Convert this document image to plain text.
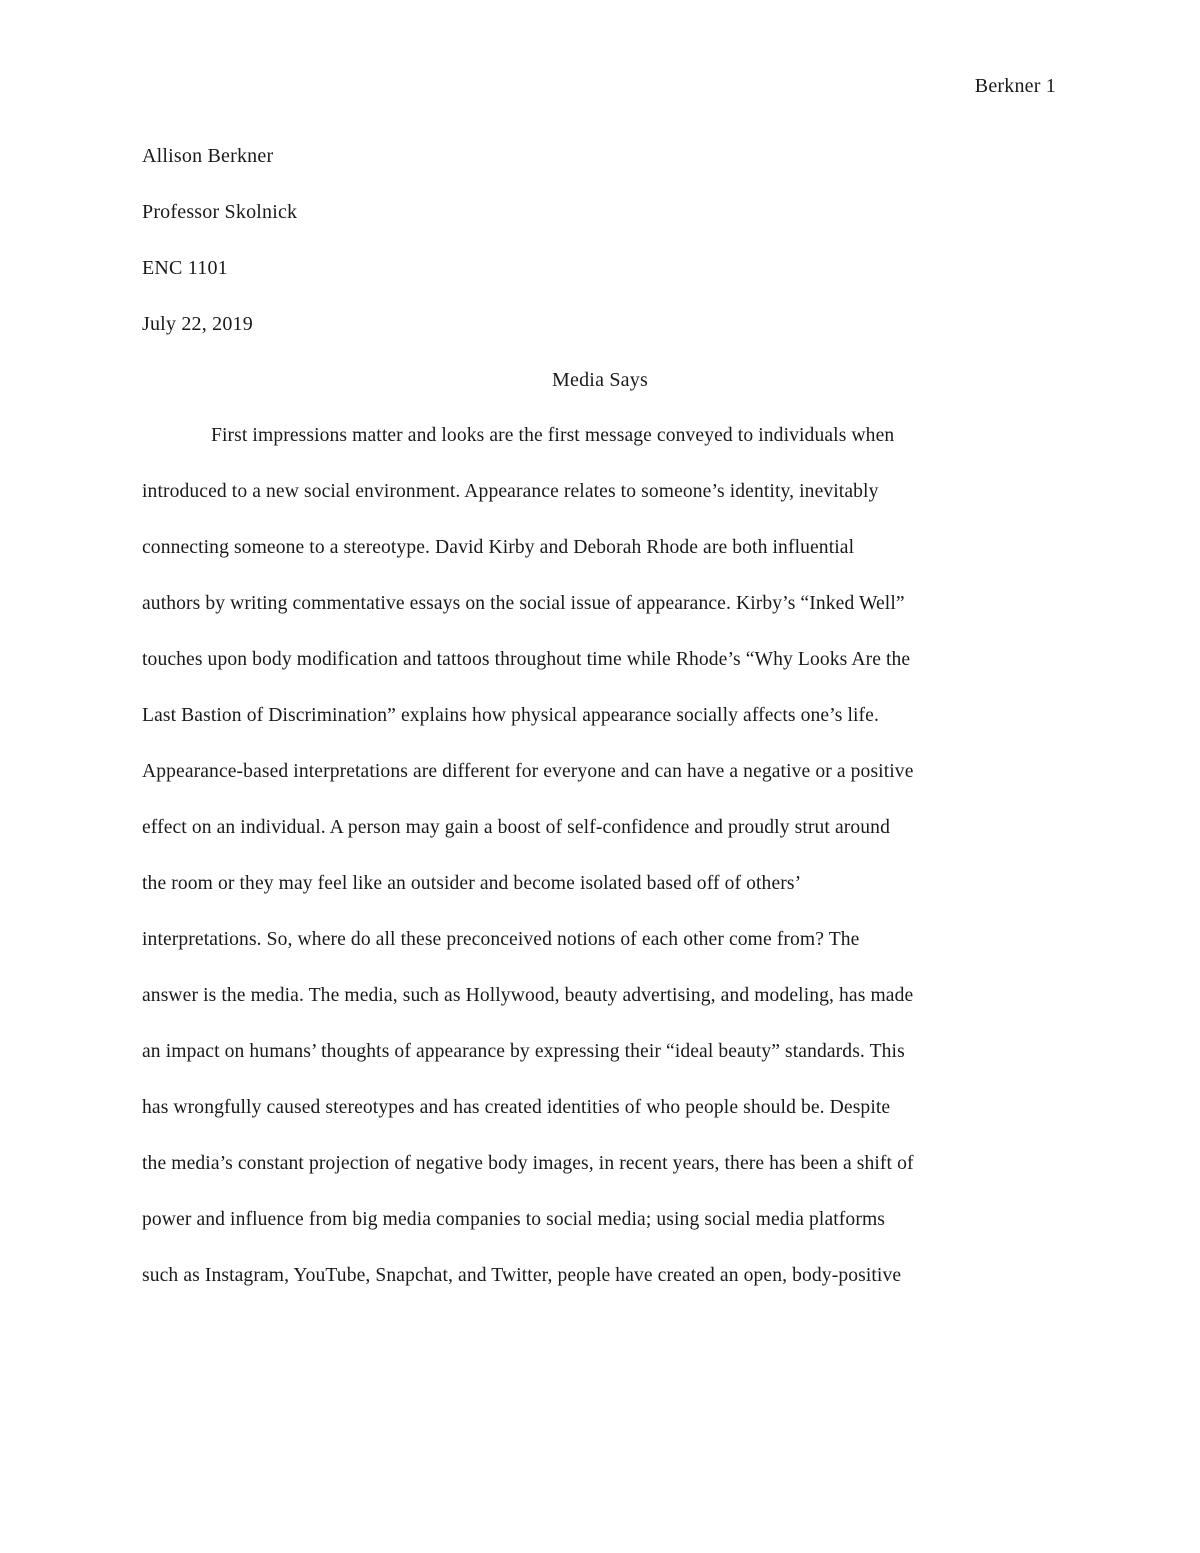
Berkner 1
Allison Berkner
Professor Skolnick
ENC 1101
July 22, 2019
Media Says
First impressions matter and looks are the first message conveyed to individuals when
introduced to a new social environment. Appearance relates to someone’s identity, inevitably
connecting someone to a stereotype. David Kirby and Deborah Rhode are both influential
authors by writing commentative essays on the social issue of appearance. Kirby’s “Inked Well”
touches upon body modification and tattoos throughout time while Rhode’s “Why Looks Are the
Last Bastion of Discrimination” explains how physical appearance socially affects one’s life.
Appearance-based interpretations are different for everyone and can have a negative or a positive
effect on an individual. A person may gain a boost of self-confidence and proudly strut around
the room or they may feel like an outsider and become isolated based off of others’
interpretations. So, where do all these preconceived notions of each other come from? The
answer is the media. The media, such as Hollywood, beauty advertising, and modeling, has made
an impact on humans’ thoughts of appearance by expressing their “ideal beauty” standards. This
has wrongfully caused stereotypes and has created identities of who people should be. Despite
the media’s constant projection of negative body images, in recent years, there has been a shift of
power and influence from big media companies to social media; using social media platforms
such as Instagram, YouTube, Snapchat, and Twitter, people have created an open, body-positive
